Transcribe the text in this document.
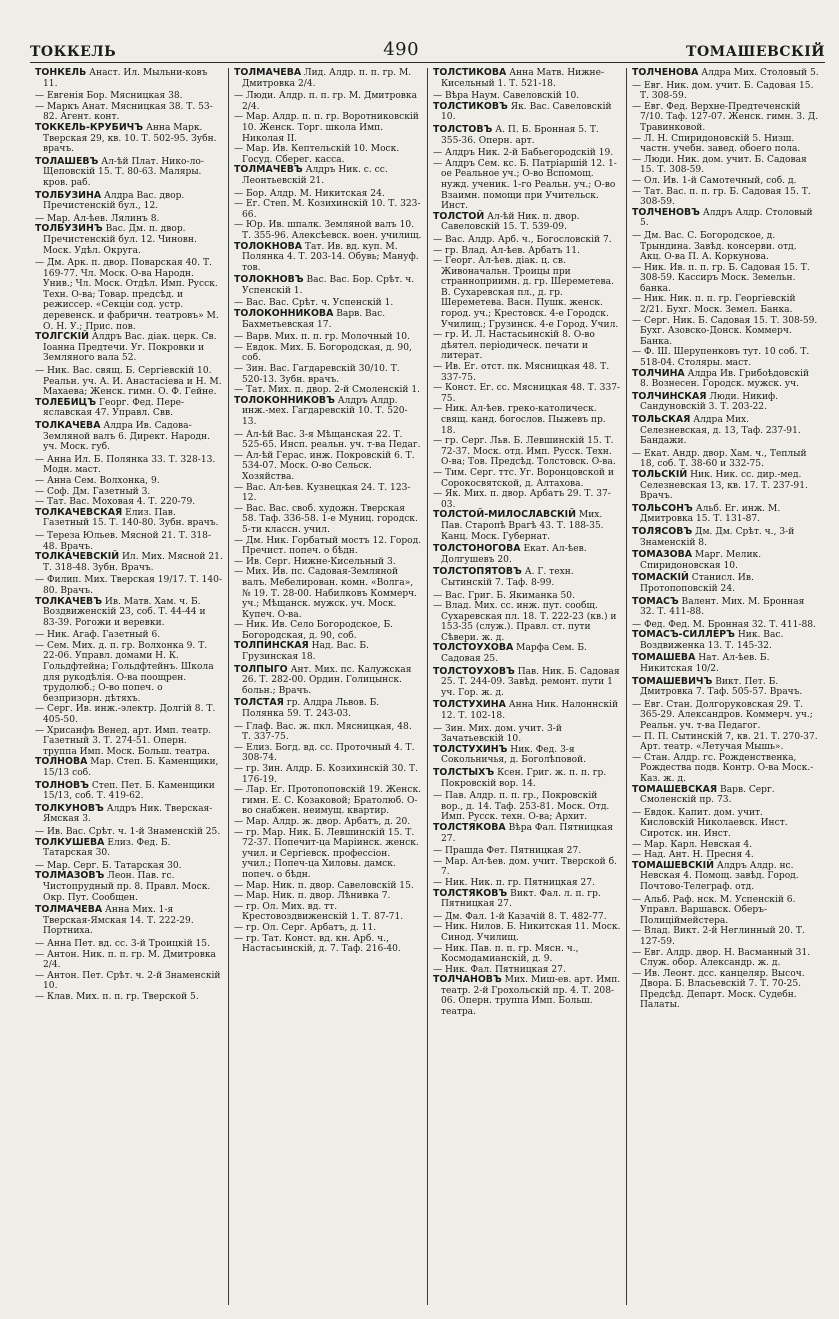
ТОККЕЛЬ	490	ТОМАШЕВСКІЙ
ТОНКЕЛЬ Анаст. Ил. Мыльни-ковъ 11.
— Евгенія Бор. Мясницкая 38.
— Маркъ Анат. Мясницкая 38. Т. 53-82. Агент. конт.
ТОККЕЛЬ-КРУБИЧЪ Анна Марк. Тверская 29, кв. 10. Т. 502-95. Зубн. врачъ.
ТОЛАШЕВЪ Ал-ѣй Плат. Нико-ло-Щеповскій 15. Т. 80-63. Маляры. кров. раб.
ТОЛБУЗИНА Алдра Вас. двор. Пречистенскій бул., 12.
— Мар. Ал-ѣев. Лялинъ 8.
ТОЛБУЗИНЪ Вас. Дм. п. двор. Пречистенскій бул. 12. Чиновн. Моск. Удѣл. Округа.
— Дм. Арк. п. двор. Поварская 40. Т. 169-77. Чл. Моск. О-ва Народн. Унив.; Чл. Моск. Отдѣл. Имп. Русск. Техн. О-ва; Товар. предсѣд. и режиссер. «Секціи сод. устр. деревенск. и фабричн. театровъ» М. О. Н. У.; Прис. пов.
ТОЛГСКІЙ Алдръ Вас. діак. церк. Св. Іоанна Предтечи. Уг. Покровки и Земляного вала 52.
— Ник. Вас. свящ. Б. Сергіевскій 10. Реальн. уч. А. И. Анастасіева и Н. М. Махаева; Женск. гимн. О. Ф. Гейне.
ТОЛЕБИЦЪ Георг. Фед. Пере-яславская 47. Управл. Свв.
ТОЛКАЧЕВА Алдра Ив. Садова-Земляной валъ 6. Директ. Народн. уч. Моск. губ.
— Анна Ил. Б. Полянка 33. Т. 328-13. Модн. маст.
— Анна Сем. Волхонка, 9.
— Соф. Дм. Газетный 3.
— Тат. Вас. Моховая 4. Т. 220-79.
ТОЛКАЧЕВСКАЯ Елиз. Пав. Газетный 15. Т. 140-80. Зубн. врачъ.
— Тереза Юльев. Мясной 21. Т. 318-48. Врачъ.
ТОЛКАЧЕВСКІЙ Ил. Мих. Мясной 21. Т. 318-48. Зубн. Врачъ.
— Филип. Мих. Тверская 19/17. Т. 140-80. Врачъ.
ТОЛКАЧЕВЪ Ив. Матв. Хам. ч. Б. Воздвиженскій 23, соб. Т. 44-44 и 83-39. Рогожи и веревки.
— Ник. Агаф. Газетный 6.
— Сем. Мих. д. п. гр. Волхонка 9. Т. 22-06. Управл. домами Н. К. Гольдфтейна; Гольдфтейнъ. Школа для рукодѣлія. О-ва поощрен. трудолюб.; О-во попеч. о безпризорн. дѣтяхъ.
— Серг. Ив. инж.-электр. Долгій 8. Т. 405-50.
— Хрисанфъ Венед. арт. Имп. театр. Газетный 3. Т. 274-51. Оперн. труппа Имп. Моск. Больш. театра.
ТОЛНОВА Мар. Степ. Б. Каменщики, 15/13 соб.
ТОЛНОВЪ Степ. Пет. Б. Каменщики 15/13, соб. Т. 419-62.
ТОЛКУНОВЪ Алдръ Ник. Тверская-Ямская 3.
— Ив. Вас. Срѣт. ч. 1-й Знаменскій 25.
ТОЛКУШЕВА Елиз. Фед. Б. Татарская 30.
— Мар. Серг. Б. Татарская 30.
ТОЛМАЗОВЪ Леон. Пав. гс. Чистопрудный пр. 8. Правл. Моск. Окр. Пут. Сообщен.
ТОЛМАЧЕВА Анна Мих. 1-я Тверская-Ямская 14. Т. 222-29. Портниха.
— Анна Пет. вд. сс. 3-й Троицкій 15.
— Антон. Ник. п. п. гр. М. Дмитровка 2/4.
— Антон. Пет. Срѣт. ч. 2-й Знаменскій 10.
— Клав. Мих. п. п. гр. Тверской 5.
ТОЛМАЧЕВА Лид. Алдр. п. п. гр. М. Дмитровка 2/4.
— Люди. Алдр. п. п. гр. М. Дмитровка 2/4.
— Мар. Алдр. п. п. гр. Воротниковскій 10. Женск. Торг. школа Имп. Николая II.
— Мар. Ив. Кептельскій 10. Моск. Госуд. Сберег. касса.
ТОЛМАЧЕВЪ Алдръ Ник. с. сс. Леонтьевскій 21.
— Бор. Алдр. М. Никитская 24.
— Ег. Степ. М. Козихинскій 10. Т. 323-66.
— Юр. Ив. шпалк. Земляной валъ 10. Т. 355-96. Алексѣевск. воен. училищ.
ТОЛОКНОВА Тат. Ив. вд. куп. М. Полянка 4. Т. 203-14. Обувь; Мануф. тов.
ТОЛОКНОВЪ Вас. Вас. Бор. Срѣт. ч. Успенскій 1.
— Вас. Вас. Срѣт. ч. Успенскій 1.
ТОЛОКОННИКОВА Варв. Вас. Бахметьевская 17.
— Варв. Мих. п. п. гр. Молочный 10.
— Евдок. Мих. Б. Богородская, д. 90, соб.
— Зин. Вас. Гагдаревскій 30/10. Т. 520-13. Зубн. врачъ.
— Тат. Мих. п. двор. 2-й Смоленскій 1.
ТОЛОКОННИКОВЪ Алдръ Алдр. инж.-мех. Гагдаревскій 10. Т. 520-13.
— Ал-ѣй Вас. 3-я Мѣщанская 22. Т. 525-65. Инсп. реальн. уч. т-ва Педаг.
— Ал-ѣй Герас. инж. Покровскій 6. Т. 534-07. Моск. О-во Сельск. Хозяйства.
— Вас. Ал-ѣев. Кузнецкая 24. Т. 123-12.
— Вас. Вас. своб. художн. Тверская 58. Таф. 336-58. 1-е Муниц. городск. 5-ти классн. учил.
— Дм. Ник. Горбатый мостъ 12. Город. Пречист. попеч. о бѣдн.
— Ив. Серг. Нижне-Кисельный 3.
— Мих. Ив. пс. Садовая-Земляной валъ. Мебелирован. комн. «Волга», № 19. Т. 28-00. Набилковъ Коммерч. уч.; Мѣщанск. мужск. уч. Моск. Купеч. О-ва.
— Ник. Ив. Село Богородское, Б. Богородская, д. 90, соб.
ТОЛПИНСКАЯ Над. Вас. Б. Грузинская 18.
ТОЛПЫГО Ант. Мих. пс. Калужская 26. Т. 282-00. Ордин. Голицынск. больн.; Врачъ.
ТОЛСТАЯ гр. Алдра Львов. Б. Полянка 59. Т. 243-03.
— Глаф. Вас. ж. пкл. Мясницкая, 48. Т. 337-75.
— Елиз. Богд. вд. сс. Проточный 4. Т. 308-74.
— гр. Зин. Алдр. Б. Козихинскій 30. Т. 176-19.
— Лар. Ег. Протопоповскій 19. Женск. гимн. Е. С. Козаковой; Братолюб. О-во снабжен. неимущ. квартир.
— Мар. Алдр. ж. двор. Арбатъ, д. 20.
— гр. Мар. Ник. Б. Левшинскій 15. Т. 72-37. Попечит-ца Маріинск. женск. учил. и Сергіевск. профессіон. учил.; Попеч-ца Хиловы. дамск. попеч. о бѣдн.
— Мар. Ник. п. двор. Савеловскій 15.
— Мар. Ник. п. двор. Лѣнивка 7.
— гр. Ол. Мих. вд. тт. Крестовоздвиженскій 1. Т. 87-71.
— гр. Ол. Серг. Арбатъ, д. 11.
— гр. Тат. Конст. вд. кн. Арб. ч., Настасьинскій, д. 7. Таф. 216-40.
ТОЛСТИКОВА Анна Матв. Нижне-Кисельный 1. Т. 521-18.
— Вѣра Наум. Савеловскій 10.
ТОЛСТИКОВЪ Як. Вас. Савеловскій 10.
ТОЛСТОВЪ А. П. Б. Бронная 5. Т. 355-36. Оперн. арт.
— Алдръ Ник. 2-й Бабьегородскій 19.
— Алдръ Сем. кс. Б. Патріаршій 12. 1-ое Реальное уч.; О-во Вспомощ. нужд. ученик. 1-го Реальн. уч.; О-во Взаимн. помощи при Учительск. Инст.
ТОЛСТОЙ Ал-ѣй Ник. п. двор. Савеловскій 15. Т. 539-09.
— Вас. Алдр. Арб. ч., Богословскій 7.
— гр. Влад. Ал-ѣев. Арбатъ 11.
— Георг. Ал-ѣев. діак. ц. св. Живоначальн. Троицы при странноприимн. д. гр. Шереметева. В. Сухаревская пл., д. гр. Шереметева. Васн. Пушк. женск. город. уч.; Крестовск. 4-е Городск. Училищ.; Грузинск. 4-е Город. Учил.
— гр. И. Л. Настасьинскій 8. О-во дѣятел. періодическ. печати и литерат.
— Ив. Ег. отст. пк. Мясницкая 48. Т. 337-75.
— Конст. Ег. сс. Мясницкая 48. Т. 337-75.
— Ник. Ал-ѣев. греко-католическ. свящ. канд. богослов. Пыжевъ пр. 18.
— гр. Серг. Льв. Б. Левшинскій 15. Т. 72-37. Моск. отд. Имп. Русск. Техн. О-ва; Тов. Предсѣд. Толстовск. О-ва.
— Тим. Серг. ттс. Уг. Воронцовской и Сорокосвятской, д. Алтахова.
— Як. Мих. п. двор. Арбатъ 29. Т. 37-03.
ТОЛСТОЙ-МИЛОСЛАВСКІЙ Мих. Пав. Старопѣ Врагѣ 43. Т. 188-35. Канц. Моск. Губернат.
ТОЛСТОНОГОВА Екат. Ал-ѣев. Долгушевъ 20.
ТОЛСТОПЯТОВЪ А. Г. техн. Сытинскій 7. Таф. 8-99.
— Вас. Григ. Б. Якиманка 50.
— Влад. Мих. сс. инж. пут. сообщ. Сухаревская пл. 18. Т. 222-23 (кв.) и 153-35 (служ.). Правл. ст. пути Сѣвери. ж. д.
ТОЛСТОУХОВА Марфа Сем. Б. Садовая 25.
ТОЛСТОУХОВЪ Пав. Ник. Б. Садовая 25. Т. 244-09. Завѣд. ремонт. пути 1 уч. Гор. ж. д.
ТОЛСТУХИНА Анна Ник. Налоннскій 12. Т. 102-18.
— Зин. Мих. дом. учит. 3-й Зачатьевскій 10.
ТОЛСТУХИНЪ Ник. Фед. 3-я Сокольничья, д. Боголѣповой.
ТОЛСТЫХЪ Ксен. Григ. ж. п. п. гр. Покровскій вор. 14.
— Пав. Алдр. п. п. гр., Покровскій вор., д. 14. Таф. 253-81. Моск. Отд. Имп. Русск. техн. О-ва; Архит.
ТОЛСТЯКОВА Вѣра Фал. Пятницкая 27.
— Прашда Фет. Пятницкая 27.
— Мар. Ал-ѣев. дом. учит. Тверской б. 7.
— Ник. Ник. п. гр. Пятницкая 27.
ТОЛСТЯКОВЪ Викт. Фал. л. п. гр. Пятницкая 27.
— Дм. Фал. 1-й Казачій 8. Т. 482-77.
— Ник. Нилов. Б. Никитская 11. Моск. Синод. Училищ.
— Ник. Пав. п. п. гр. Мясн. ч., Космодамианскій, д. 9.
— Ник. Фал. Пятницкая 27.
ТОЛЧАНОВЪ Мих. Миш-ев. арт. Имп. театр. 2-й Грохольскій пр. 4. Т. 208-06. Оперн. труппа Имп. Больш. театра.
ТОЛЧЕНОВА Алдра Мих. Столовый 5.
— Евг. Ник. дом. учит. Б. Садовая 15. Т. 308-59.
— Евг. Фед. Верхне-Предтеченскій 7/10. Таф. 127-07. Женск. гимн. 3. Д. Травинковой.
— Л. Н. Спиридоновскій 5. Низш. частн. учебн. завед. обоего пола.
— Люди. Ник. дом. учит. Б. Садовая 15. Т. 308-59.
— Ол. Ив. 1-й Самотечный, соб. д.
— Тат. Вас. п. п. гр. Б. Садовая 15. Т. 308-59.
ТОЛЧЕНОВЪ Алдръ Алдр. Столовый 5.
— Дм. Вас. С. Богородское, д. Трындина. Завѣд. консерви. отд. Акц. О-ва П. А. Коркунова.
— Ник. Ив. п. п. гр. Б. Садовая 15. Т. 308-59. Кассиръ Моск. Земельн. банка.
— Ник. Ник. п. п. гр. Георгіевскій 2/21. Бухг. Моск. Земел. Банка.
— Серг. Ник. Б. Садовая 15. Т. 308-59. Бухг. Азовско-Донск. Коммерч. Банка.
— Ф. Ш. Шерупенковъ тут. 10 соб. Т. 518-04. Столяры. маст.
ТОЛЧИНА Алдра Ив. Грибоѣдовскій 8. Вознесен. Городск. мужск. уч.
ТОЛЧИНСКАЯ Люди. Никиф. Сандуновскій 3. Т. 203-22.
ТОЛЬСКАЯ Алдра Мих. Селезневская, д. 13, Таф. 237-91. Бандажи.
— Екат. Андр. двор. Хам. ч., Теплый 18, соб. Т. 38-60 и 332-75.
ТОЛЬСКІЙ Ник. Ник. сс. дир.-мед. Селезневская 13, кв. 17. Т. 237-91. Врачъ.
ТОЛЬСОНЪ Альб. Ег. инж. М. Дмитровка 15. Т. 131-87.
ТОЛЯСОВЪ Дм. Дм. Срѣт. ч., 3-й Знаменскій 8.
ТОМАЗОВА Марг. Мелик. Спиридоновская 10.
ТОМАСКІЙ Станисл. Ив. Протопоповскій 24.
ТОМАСЪ Валент. Мих. М. Бронная 32. Т. 411-88.
— Фед. Фед. М. Бронная 32. Т. 411-88.
ТОМАСЪ-СИЛЛЕРЪ Ник. Вас. Воздвиженка 13. Т. 145-32.
ТОМАШЕВА Нат. Ал-ѣев. Б. Никитская 10/2.
ТОМАШЕВИЧЪ Викт. Пет. Б. Дмитровка 7. Таф. 505-57. Врачъ.
— Евг. Стан. Долгоруковская 29. Т. 365-29. Александров. Коммерч. уч.; Реальн. уч. т-ва Педагог.
— П. П. Сытинскій 7, кв. 21. Т. 270-37. Арт. театр. «Летучая Мышь».
— Стан. Алдр. гс. Рожденственка, Рождества подв. Контр. О-ва Моск.-Каз. ж. д.
ТОМАШЕВСКАЯ Варв. Серг. Смоленскій пр. 73.
— Евдок. Капит. дом. учит. Кисловскій Николаевск. Инст. Сиротск. ин. Инст.
— Мар. Карл. Невская 4.
— Над. Ант. Н. Пресня 4.
ТОМАШЕВСКІЙ Алдръ Алдр. нс. Невская 4. Помощ. завѣд. Город. Почтово-Телеграф. отд.
— Альб. Раф. нск. М. Успенскій 6. Управл. Варшавск. Оберъ-Полиціймейстера.
— Влад. Викт. 2-й Неглинный 20. Т. 127-59.
— Евг. Алдр. двор. Н. Васманный 31. Служ. обор. Александр. ж. д.
— Ив. Леонт. дсс. канцеляр. Высоч. Двора. Б. Власьевскій 7. Т. 70-25. Предсѣд. Департ. Моск. Судебн. Палаты.
